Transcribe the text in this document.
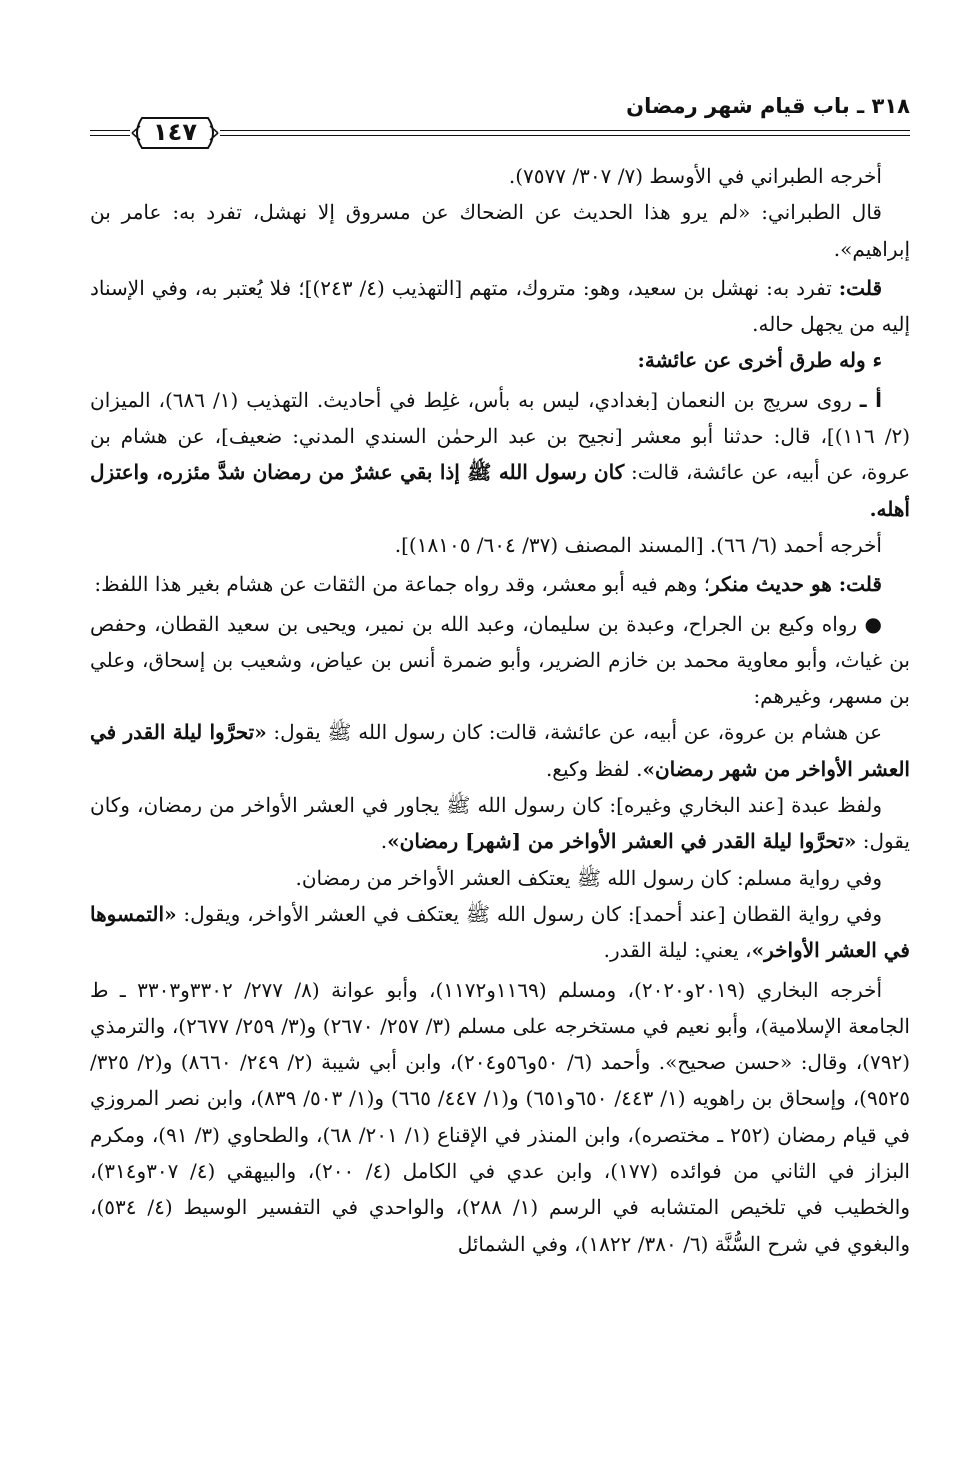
٣١٨ ـ باب قيام شهر رمضان
١٤٧

أخرجه الطبراني في الأوسط (٧/ ٣٠٧/ ٧٥٧٧).

قال الطبراني: «لم يرو هذا الحديث عن الضحاك عن مسروق إلا نهشل، تفرد به: عامر بن إبراهيم».

قلت: تفرد به: نهشل بن سعيد، وهو: متروك، متهم [التهذيب (٤/ ٢٤٣)]؛ فلا يُعتبر به، وفي الإسناد إليه من يجهل حاله.

ﺀ وله طرق أخرى عن عائشة:

أ ـ روى سريج بن النعمان [بغدادي، ليس به بأس، غلِط في أحاديث. التهذيب (١/ ٦٨٦)، الميزان (٢/ ١١٦)]، قال: حدثنا أبو معشر [نجيح بن عبد الرحمٰن السندي المدني: ضعيف]، عن هشام بن عروة، عن أبيه، عن عائشة، قالت: كان رسول الله ﷺ إذا بقي عشرٌ من رمضان شدَّ مئزره، واعتزل أهله.

أخرجه أحمد (٦/ ٦٦). [المسند المصنف (٣٧/ ٦٠٤/ ١٨١٠٥)].

قلت: هو حديث منكر؛ وهم فيه أبو معشر، وقد رواه جماعة من الثقات عن هشام بغير هذا اللفظ:

● رواه وكيع بن الجراح، وعبدة بن سليمان، وعبد الله بن نمير، ويحيى بن سعيد القطان، وحفص بن غياث، وأبو معاوية محمد بن خازم الضرير، وأبو ضمرة أنس بن عياض، وشعيب بن إسحاق، وعلي بن مسهر، وغيرهم:

عن هشام بن عروة، عن أبيه، عن عائشة، قالت: كان رسول الله ﷺ يقول: «تحرَّوا ليلة القدر في العشر الأواخر من شهر رمضان». لفظ وكيع.

ولفظ عبدة [عند البخاري وغيره]: كان رسول الله ﷺ يجاور في العشر الأواخر من رمضان، وكان يقول: «تحرَّوا ليلة القدر في العشر الأواخر من [شهر] رمضان».

وفي رواية مسلم: كان رسول الله ﷺ يعتكف العشر الأواخر من رمضان.

وفي رواية القطان [عند أحمد]: كان رسول الله ﷺ يعتكف في العشر الأواخر، ويقول: «التمسوها في العشر الأواخر»، يعني: ليلة القدر.

أخرجه البخاري (٢٠١٩و٢٠٢٠)، ومسلم (١١٦٩و١١٧٢)، وأبو عوانة (٨/ ٢٧٧/ ٣٣٠٢و٣٣٠٣ ـ ط الجامعة الإسلامية)، وأبو نعيم في مستخرجه على مسلم (٣/ ٢٥٧/ ٢٦٧٠) و(٣/ ٢٥٩/ ٢٦٧٧)، والترمذي (٧٩٢)، وقال: «حسن صحيح». وأحمد (٦/ ٥٠و٥٦و٢٠٤)، وابن أبي شيبة (٢/ ٢٤٩/ ٨٦٦٠) و(٢/ ٣٢٥/ ٩٥٢٥)، وإسحاق بن راهويه (١/ ٤٤٣/ ٦٥٠و٦٥١) و(١/ ٤٤٧/ ٦٦٥) و(١/ ٥٠٣/ ٨٣٩)، وابن نصر المروزي في قيام رمضان (٢٥٢ ـ مختصره)، وابن المنذر في الإقناع (١/ ٢٠١/ ٦٨)، والطحاوي (٣/ ٩١)، ومكرم البزاز في الثاني من فوائده (١٧٧)، وابن عدي في الكامل (٤/ ٢٠٠)، والبيهقي (٤/ ٣٠٧و٣١٤)، والخطيب في تلخيص المتشابه في الرسم (١/ ٢٨٨)، والواحدي في التفسير الوسيط (٤/ ٥٣٤)، والبغوي في شرح السُّنَّة (٦/ ٣٨٠/ ١٨٢٢)، وفي الشمائل
